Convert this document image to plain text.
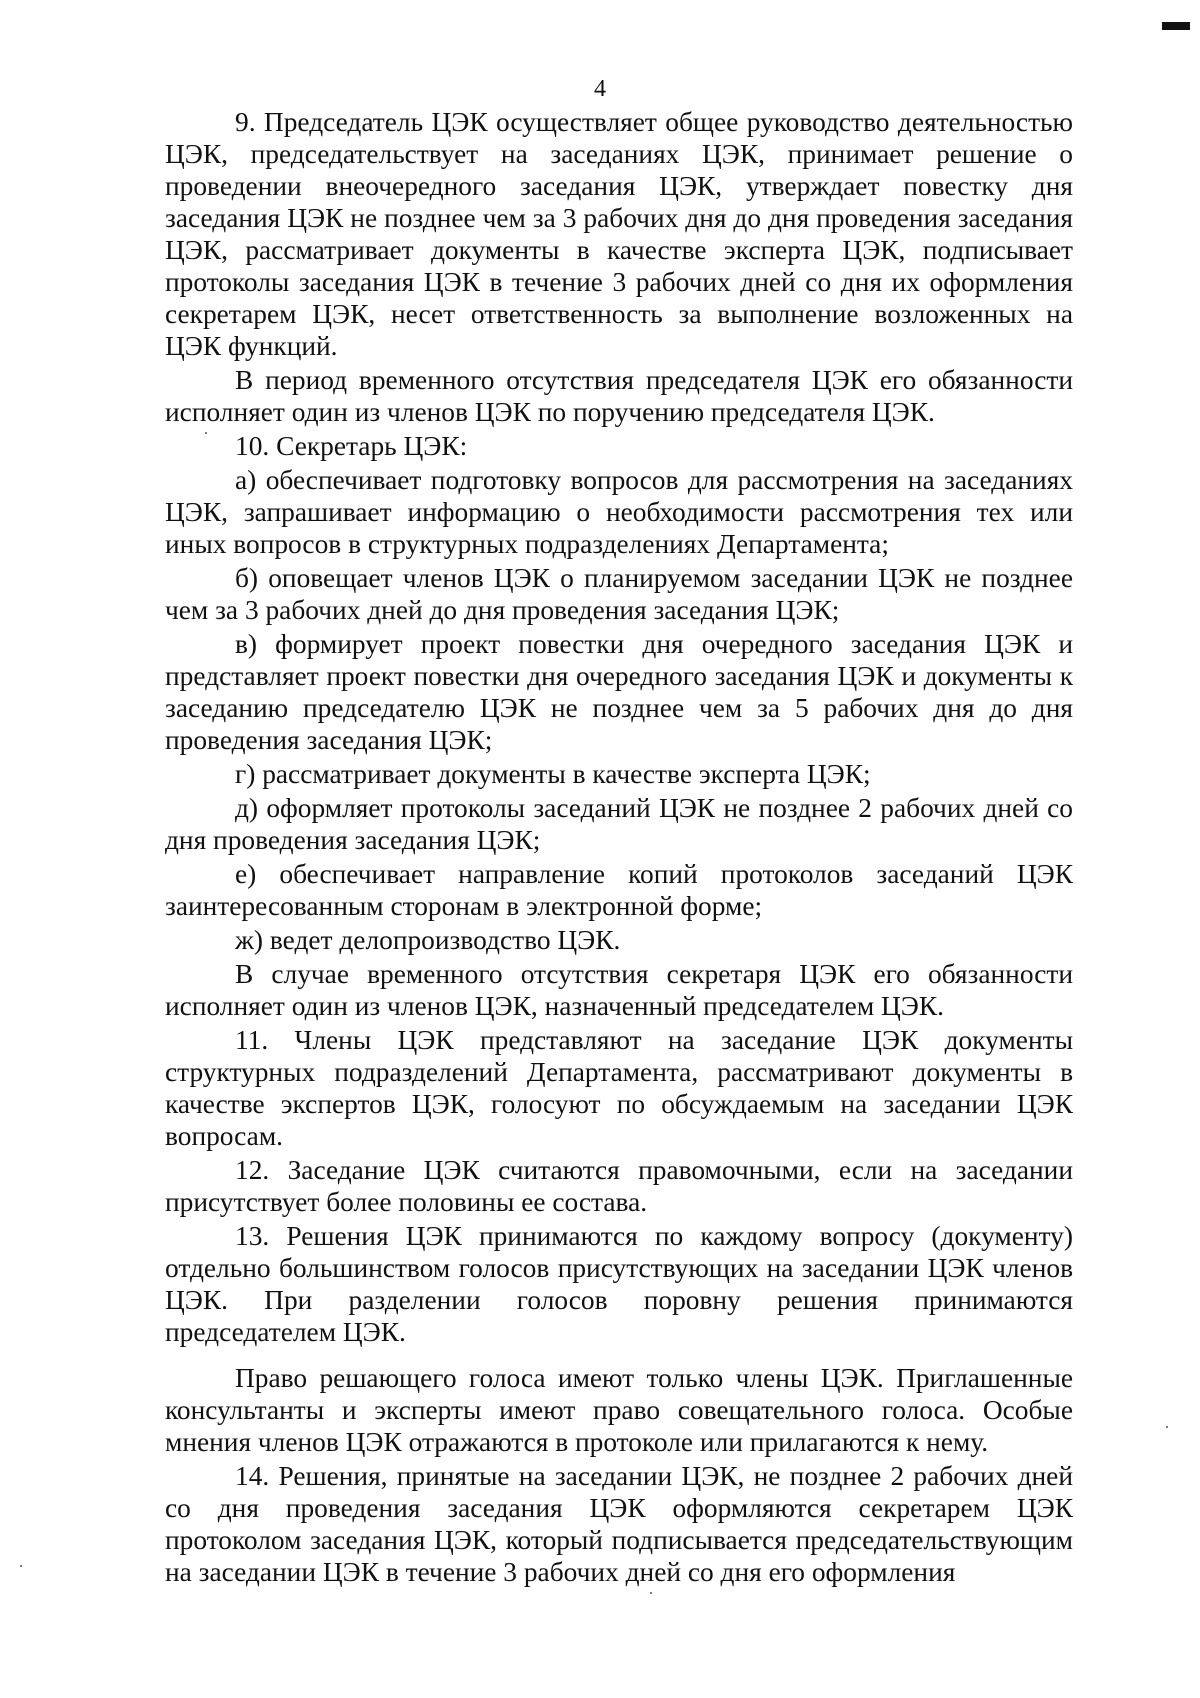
4

9. Председатель ЦЭК осуществляет общее руководство деятельностью ЦЭК, председательствует на заседаниях ЦЭК, принимает решение о проведении внеочередного заседания ЦЭК, утверждает повестку дня заседания ЦЭК не позднее чем за 3 рабочих дня до дня проведения заседания ЦЭК, рассматривает документы в качестве эксперта ЦЭК, подписывает протоколы заседания ЦЭК в течение 3 рабочих дней со дня их оформления секретарем ЦЭК, несет ответственность за выполнение возложенных на ЦЭК функций.

В период временного отсутствия председателя ЦЭК его обязанности исполняет один из членов ЦЭК по поручению председателя ЦЭК.

10. Секретарь ЦЭК:

а) обеспечивает подготовку вопросов для рассмотрения на заседаниях ЦЭК, запрашивает информацию о необходимости рассмотрения тех или иных вопросов в структурных подразделениях Департамента;

б) оповещает членов ЦЭК о планируемом заседании ЦЭК не позднее чем за 3 рабочих дней до дня проведения заседания ЦЭК;

в) формирует проект повестки дня очередного заседания ЦЭК и представляет проект повестки дня очередного заседания ЦЭК и документы к заседанию председателю ЦЭК не позднее чем за 5 рабочих дня до дня проведения заседания ЦЭК;

г) рассматривает документы в качестве эксперта ЦЭК;

д) оформляет протоколы заседаний ЦЭК не позднее 2 рабочих дней со дня проведения заседания ЦЭК;

е) обеспечивает направление копий протоколов заседаний ЦЭК заинтересованным сторонам в электронной форме;

ж) ведет делопроизводство ЦЭК.

В случае временного отсутствия секретаря ЦЭК его обязанности исполняет один из членов ЦЭК, назначенный председателем ЦЭК.

11. Члены ЦЭК представляют на заседание ЦЭК документы структурных подразделений Департамента, рассматривают документы в качестве экспертов ЦЭК, голосуют по обсуждаемым на заседании ЦЭК вопросам.

12. Заседание ЦЭК считаются правомочными, если на заседании присутствует более половины ее состава.

13. Решения ЦЭК принимаются по каждому вопросу (документу) отдельно большинством голосов присутствующих на заседании ЦЭК членов ЦЭК. При разделении голосов поровну решения принимаются председателем ЦЭК.

Право решающего голоса имеют только члены ЦЭК. Приглашенные консультанты и эксперты имеют право совещательного голоса. Особые мнения членов ЦЭК отражаются в протоколе или прилагаются к нему.

14. Решения, принятые на заседании ЦЭК, не позднее 2 рабочих дней со дня проведения заседания ЦЭК оформляются секретарем ЦЭК протоколом заседания ЦЭК, который подписывается председательствующим на заседании ЦЭК в течение 3 рабочих дней со дня его оформления
